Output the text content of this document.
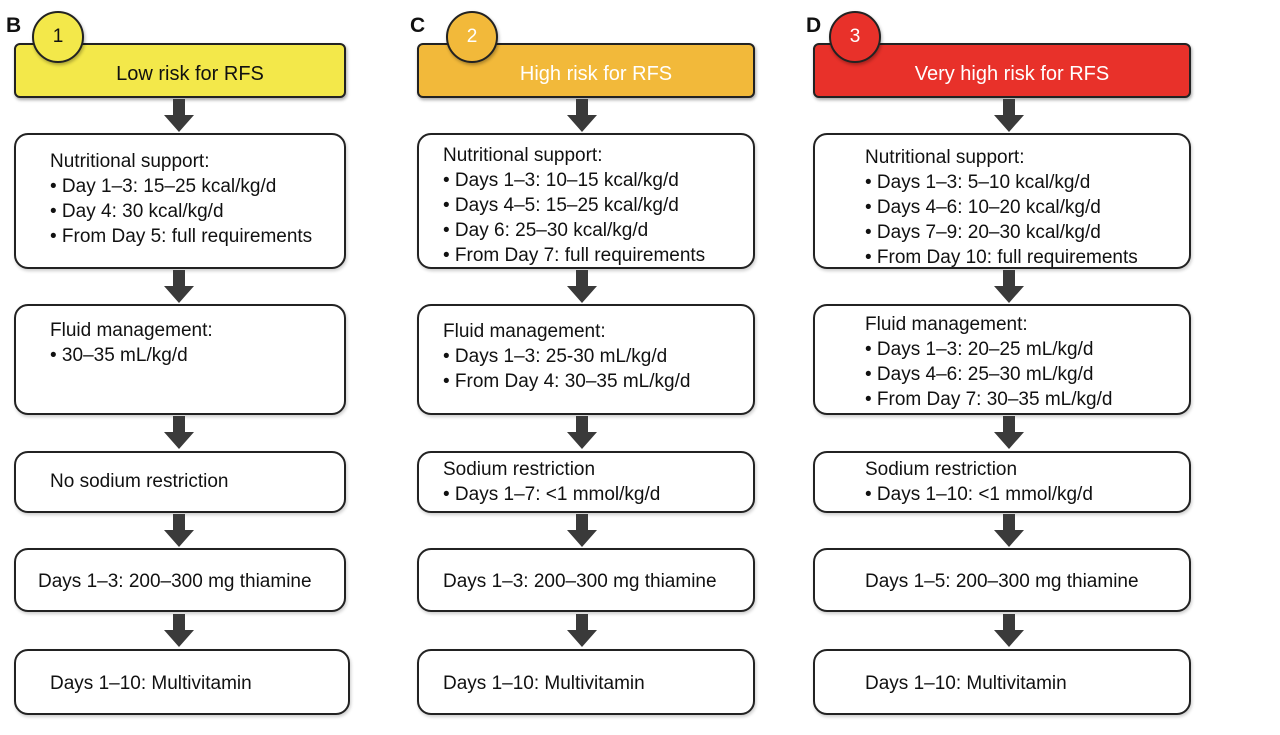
B
Low risk for RFS
1
Nutritional support:
• Day 1–3: 15–25 kcal/kg/d
• Day 4: 30 kcal/kg/d
• From Day 5: full requirements
Fluid management:
• 30–35 mL/kg/d
No sodium restriction
Days 1–3: 200–300 mg thiamine
Days 1–10: Multivitamin
C
High risk for RFS
2
Nutritional support:
• Days 1–3: 10–15 kcal/kg/d
• Days 4–5: 15–25 kcal/kg/d
• Day 6: 25–30 kcal/kg/d
• From Day 7: full requirements
Fluid management:
• Days 1–3: 25-30 mL/kg/d
• From Day 4: 30–35 mL/kg/d
Sodium restriction
• Days 1–7: <1 mmol/kg/d
Days 1–3: 200–300 mg thiamine
Days 1–10: Multivitamin
D
Very high risk for RFS
3
Nutritional support:
• Days 1–3: 5–10 kcal/kg/d
• Days 4–6: 10–20 kcal/kg/d
• Days 7–9: 20–30 kcal/kg/d
• From Day 10: full requirements
Fluid management:
• Days 1–3: 20–25 mL/kg/d
• Days 4–6: 25–30 mL/kg/d
• From Day 7: 30–35 mL/kg/d
Sodium restriction
• Days 1–10: <1 mmol/kg/d
Days 1–5: 200–300 mg thiamine
Days 1–10: Multivitamin
